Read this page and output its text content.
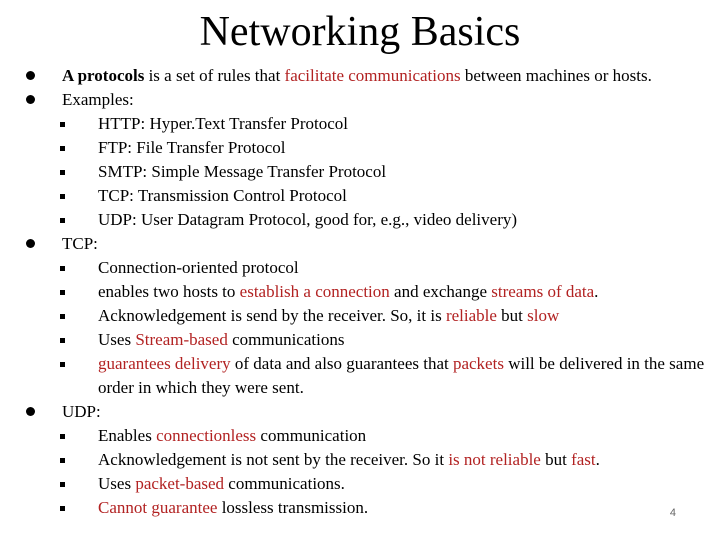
Networking Basics
A protocols is a set of rules that facilitate communications between machines or hosts.
Examples:
HTTP: Hyper.Text Transfer Protocol
FTP: File Transfer Protocol
SMTP: Simple Message Transfer Protocol
TCP: Transmission Control Protocol
UDP: User Datagram Protocol, good for, e.g., video delivery)
TCP:
Connection-oriented protocol
enables two hosts to establish a connection and exchange streams of data.
Acknowledgement is send by the receiver. So, it is reliable but slow
Uses Stream-based communications
guarantees delivery of data and also guarantees that packets will be delivered in the same order in which they were sent.
UDP:
Enables connectionless communication
Acknowledgement is not sent by the receiver. So it is not reliable but fast.
Uses packet-based communications.
Cannot guarantee lossless transmission.	4
